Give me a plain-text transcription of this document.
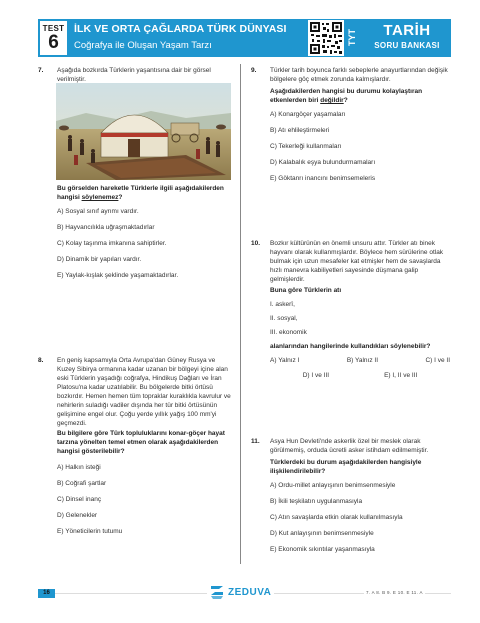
TEST
6
İLK VE ORTA ÇAĞLARDA TÜRK DÜNYASI
Coğrafya ile Oluşan Yaşam Tarzı	TYT	TARİH
SORU BANKASI
7. Aşağıda bozkırda Türklerin yaşantısına dair bir görsel verilmiştir.
Bu görselden hareketle Türklerle ilgili aşağıdakilerden hangisi söylenemez?
A) Sosyal sınıf ayrımı vardır.
B) Hayvancılıkla uğraşmaktadırlar
C) Kolay taşınma imkanına sahiptirler.
D) Dinamik bir yapıları vardır.
E) Yaylak-kışlak şeklinde yaşamaktadırlar.
8. En geniş kapsamıyla Orta Avrupa'dan Güney Rusya ve Kuzey Sibirya ormanına kadar uzanan bir bölgeyi içine alan eski Türklerin yaşadığı coğrafya, Hindikuş Dağları ve İran Platosu'na kadar uzatılabilir. Bu bölgelerde bitki örtüsü bozkırdır. Hemen hemen tüm topraklar kuraklıkla kavrulur ve nehirlerin suladığı vadiler dışında her tür bitki örtüsünün gelişimine engel olur. Çoğu yerde yıllık yağış 100 mm'yi geçmezdi.
Bu bilgilere göre Türk topluluklarını konar-göçer hayat tarzına yönelten temel etmen olarak aşağıdakilerden hangisi gösterilebilir?
A) Halkın isteği
B) Coğrafi şartlar
C) Dinsel inanç
D) Gelenekler
E) Yöneticilerin tutumu
9. Türkler tarih boyunca farklı sebeplerle anayurtlarından değişik bölgelere göç etmek zorunda kalmışlardır.
Aşağıdakilerden hangisi bu durumu kolaylaştıran etkenlerden biri değildir?
A) Konargöçer yaşamaları
B) Atı ehlileştirmeleri
C) Tekerleği kullanmaları
D) Kalabalık eşya bulundurmamaları
E) Göktanrı inancını benimsemeleris
10. Bozkır kültürünün en önemli unsuru attır. Türkler atı binek hayvanı olarak kullanmışlardır. Böylece hem sürülerine otlak bulmak için uzun mesafeler kat etmişler hem de savaşlarda hızlı manevra kabiliyetleri sayesinde düşmana galip gelmişlerdir.
Buna göre Türklerin atı
I. askerî,
II. sosyal,
III. ekonomik
alanlarından hangilerinde kullandıkları söylenebilir?
A) Yalnız I	B) Yalnız II	C) I ve II
D) I ve III	E) I, II ve III
11. Asya Hun Devleti'nde askerlik özel bir meslek olarak görülmemiş, orduda ücretli asker istihdam edilmemiştir.
Türklerdeki bu durum aşağıdakilerden hangisiyle ilişkilendirilebilir?
A) Ordu-millet anlayışının benimsenmesiyle
B) İkili teşkilatın uygulanmasıyla
C) Atın savaşlarda etkin olarak kullanılmasıyla
D) Kut anlayışının benimsenmesiyle
E) Ekonomik sıkıntılar yaşanmasıyla
16	ZEDUVA	7. A 8. B 9. E 10. E 11. A
